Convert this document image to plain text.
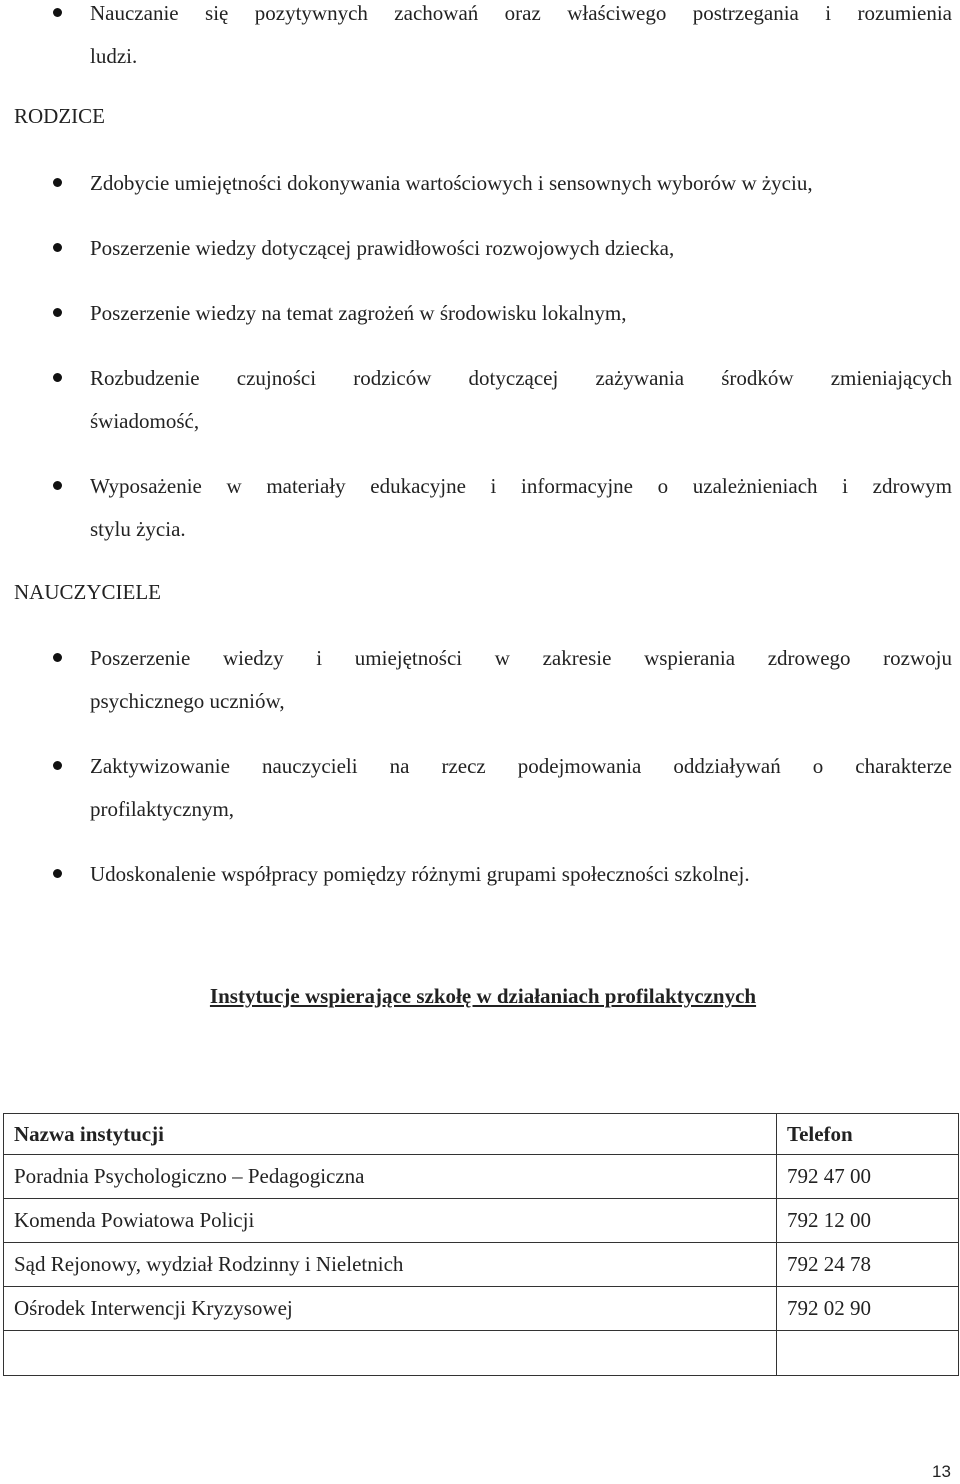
Nauczanie się pozytywnych zachowań oraz właściwego postrzegania i rozumienia
ludzi.
RODZICE
Zdobycie umiejętności dokonywania wartościowych i sensownych wyborów w życiu,
Poszerzenie wiedzy dotyczącej prawidłowości rozwojowych dziecka,
Poszerzenie wiedzy na temat zagrożeń w środowisku lokalnym,
Rozbudzenie czujności rodziców dotyczącej zażywania środków zmieniających
świadomość,
Wyposażenie w materiały edukacyjne i informacyjne o uzależnieniach i zdrowym
stylu życia.
NAUCZYCIELE
Poszerzenie wiedzy i umiejętności w zakresie wspierania zdrowego rozwoju
psychicznego uczniów,
Zaktywizowanie nauczycieli na rzecz podejmowania oddziaływań o charakterze
profilaktycznym,
Udoskonalenie współpracy pomiędzy różnymi grupami społeczności szkolnej.
Instytucje wspierające szkołę w działaniach profilaktycznych
Nazwa instytucji	Telefon
Poradnia Psychologiczno – Pedagogiczna	792 47 00
Komenda Powiatowa Policji	792 12 00
Sąd Rejonowy, wydział Rodzinny i Nieletnich	792 24 78
Ośrodek Interwencji Kryzysowej	792 02 90

13
